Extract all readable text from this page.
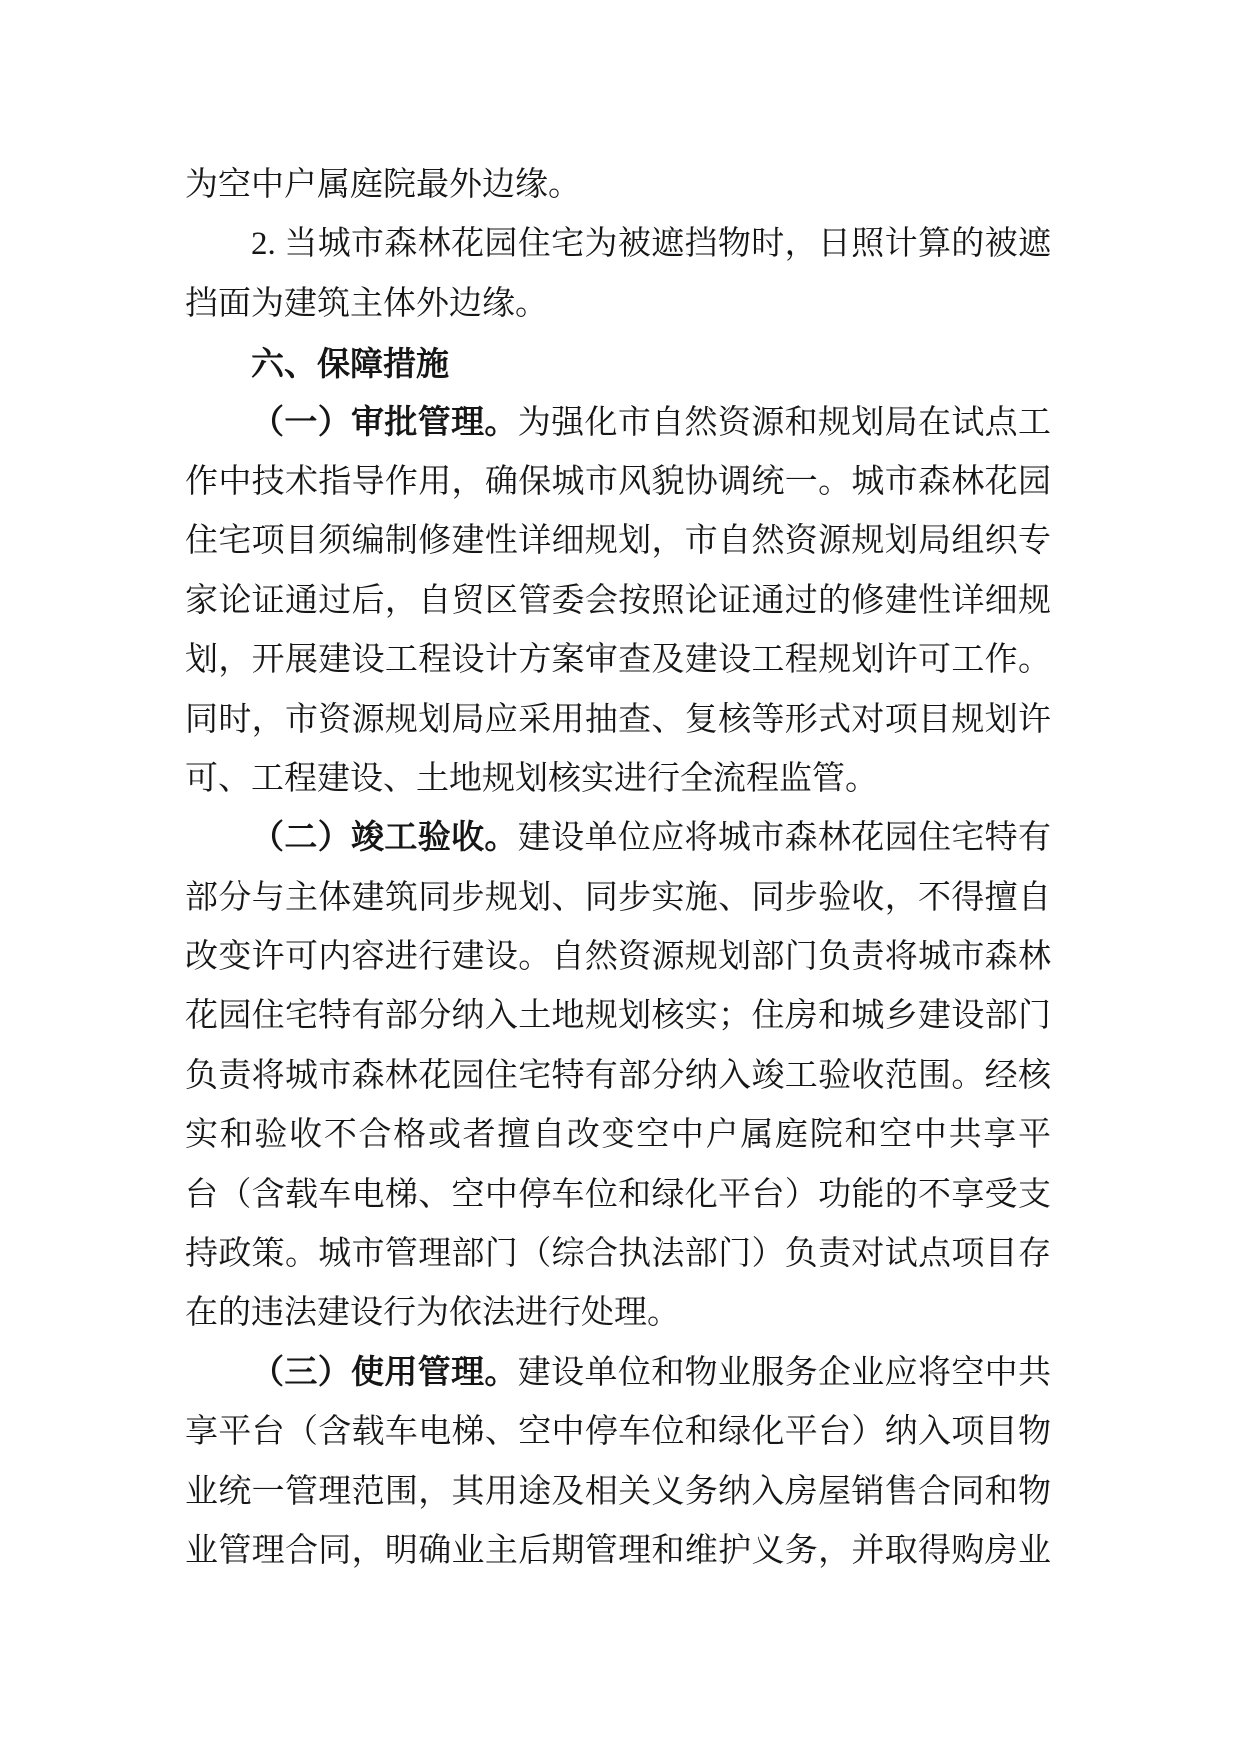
为空中户属庭院最外边缘。
2. 当城市森林花园住宅为被遮挡物时，日照计算的被遮
挡面为建筑主体外边缘。
六、保障措施
（一）审批管理。为强化市自然资源和规划局在试点工
作中技术指导作用，确保城市风貌协调统一。城市森林花园
住宅项目须编制修建性详细规划，市自然资源规划局组织专
家论证通过后，自贸区管委会按照论证通过的修建性详细规
划，开展建设工程设计方案审查及建设工程规划许可工作。
同时，市资源规划局应采用抽查、复核等形式对项目规划许
可、工程建设、土地规划核实进行全流程监管。
（二）竣工验收。建设单位应将城市森林花园住宅特有
部分与主体建筑同步规划、同步实施、同步验收，不得擅自
改变许可内容进行建设。自然资源规划部门负责将城市森林
花园住宅特有部分纳入土地规划核实；住房和城乡建设部门
负责将城市森林花园住宅特有部分纳入竣工验收范围。经核
实和验收不合格或者擅自改变空中户属庭院和空中共享平
台（含载车电梯、空中停车位和绿化平台）功能的不享受支
持政策。城市管理部门（综合执法部门）负责对试点项目存
在的违法建设行为依法进行处理。
（三）使用管理。建设单位和物业服务企业应将空中共
享平台（含载车电梯、空中停车位和绿化平台）纳入项目物
业统一管理范围，其用途及相关义务纳入房屋销售合同和物
业管理合同，明确业主后期管理和维护义务，并取得购房业
